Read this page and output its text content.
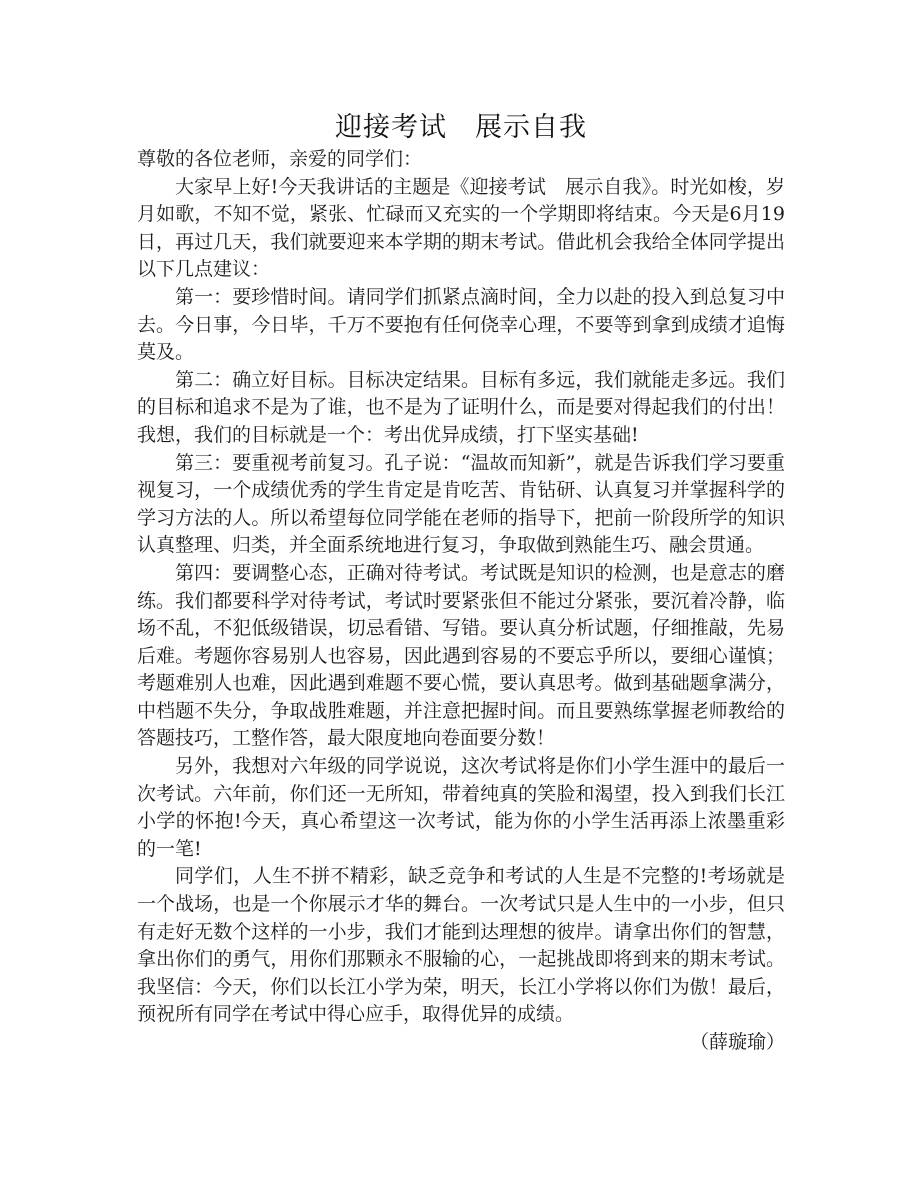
迎接考试　展示自我

尊敬的各位老师，亲爱的同学们：

大家早上好!今天我讲话的主题是《迎接考试　展示自我》。时光如梭，岁月如歌，不知不觉，紧张、忙碌而又充实的一个学期即将结束。今天是6月19日，再过几天，我们就要迎来本学期的期末考试。借此机会我给全体同学提出以下几点建议：

第一：要珍惜时间。请同学们抓紧点滴时间，全力以赴的投入到总复习中去。今日事，今日毕，千万不要抱有任何侥幸心理，不要等到拿到成绩才追悔莫及。

第二：确立好目标。目标决定结果。目标有多远，我们就能走多远。我们的目标和追求不是为了谁，也不是为了证明什么，而是要对得起我们的付出！我想，我们的目标就是一个：考出优异成绩，打下坚实基础!

第三：要重视考前复习。孔子说：“温故而知新”，就是告诉我们学习要重视复习，一个成绩优秀的学生肯定是肯吃苦、肯钻研、认真复习并掌握科学的学习方法的人。所以希望每位同学能在老师的指导下，把前一阶段所学的知识认真整理、归类，并全面系统地进行复习，争取做到熟能生巧、融会贯通。

第四：要调整心态，正确对待考试。考试既是知识的检测，也是意志的磨练。我们都要科学对待考试，考试时要紧张但不能过分紧张，要沉着冷静，临场不乱，不犯低级错误，切忌看错、写错。要认真分析试题，仔细推敲，先易后难。考题你容易别人也容易，因此遇到容易的不要忘乎所以，要细心谨慎；考题难别人也难，因此遇到难题不要心慌，要认真思考。做到基础题拿满分，中档题不失分，争取战胜难题，并注意把握时间。而且要熟练掌握老师教给的答题技巧，工整作答，最大限度地向卷面要分数！

另外，我想对六年级的同学说说，这次考试将是你们小学生涯中的最后一次考试。六年前，你们还一无所知，带着纯真的笑脸和渴望，投入到我们长江小学的怀抱!今天，真心希望这一次考试，能为你的小学生活再添上浓墨重彩的一笔!

同学们，人生不拼不精彩，缺乏竞争和考试的人生是不完整的!考场就是一个战场，也是一个你展示才华的舞台。一次考试只是人生中的一小步，但只有走好无数个这样的一小步，我们才能到达理想的彼岸。请拿出你们的智慧，拿出你们的勇气，用你们那颗永不服输的心，一起挑战即将到来的期末考试。我坚信：今天，你们以长江小学为荣，明天，长江小学将以你们为傲！最后，预祝所有同学在考试中得心应手，取得优异的成绩。

（薛璇瑜）
